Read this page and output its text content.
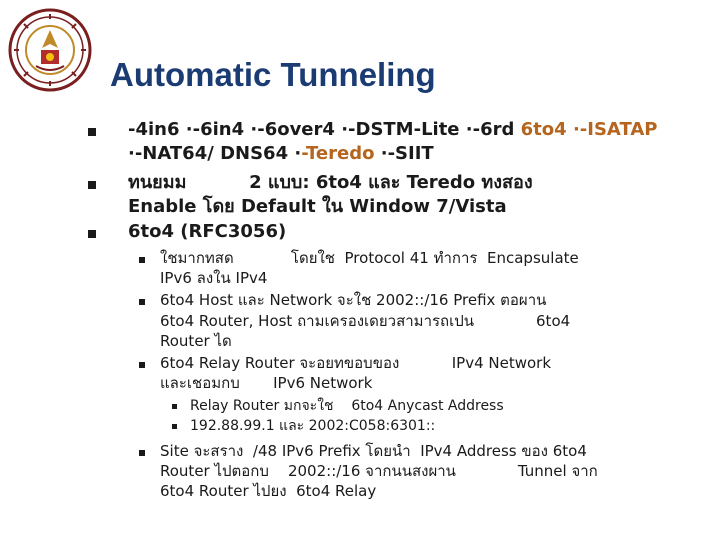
Automatic Tunneling
-4in6 ·-6in4 ·-6over4 ·-DSTM-Lite ·-6rd 6to4 ·-ISATAP
·-NAT64/ DNS64 ·-Teredo ·-SIIT
ทนยมม          2 แบบ: 6to4 และ Teredo ทงสอง
Enable โดย Default ใน Window 7/Vista
6to4 (RFC3056)
ใชมากทสด            โดยใช  Protocol 41 ทำการ  Encapsulate
IPv6 ลงใน IPv4
6to4 Host และ Network จะใช 2002::/16 Prefix ตอผาน
6to4 Router, Host ถามเครองเดยวสามารถเปน             6to4
Router ได
6to4 Relay Router จะอยทขอบของ           IPv4 Network
และเชอมกบ       IPv6 Network
Relay Router มกจะใช    6to4 Anycast Address
192.88.99.1 และ 2002:C058:6301::
Site จะสราง  /48 IPv6 Prefix โดยนำ  IPv4 Address ของ 6to4
Router ไปตอกบ    2002::/16 จากนนสงผาน             Tunnel จาก
6to4 Router ไปยง  6to4 Relay
